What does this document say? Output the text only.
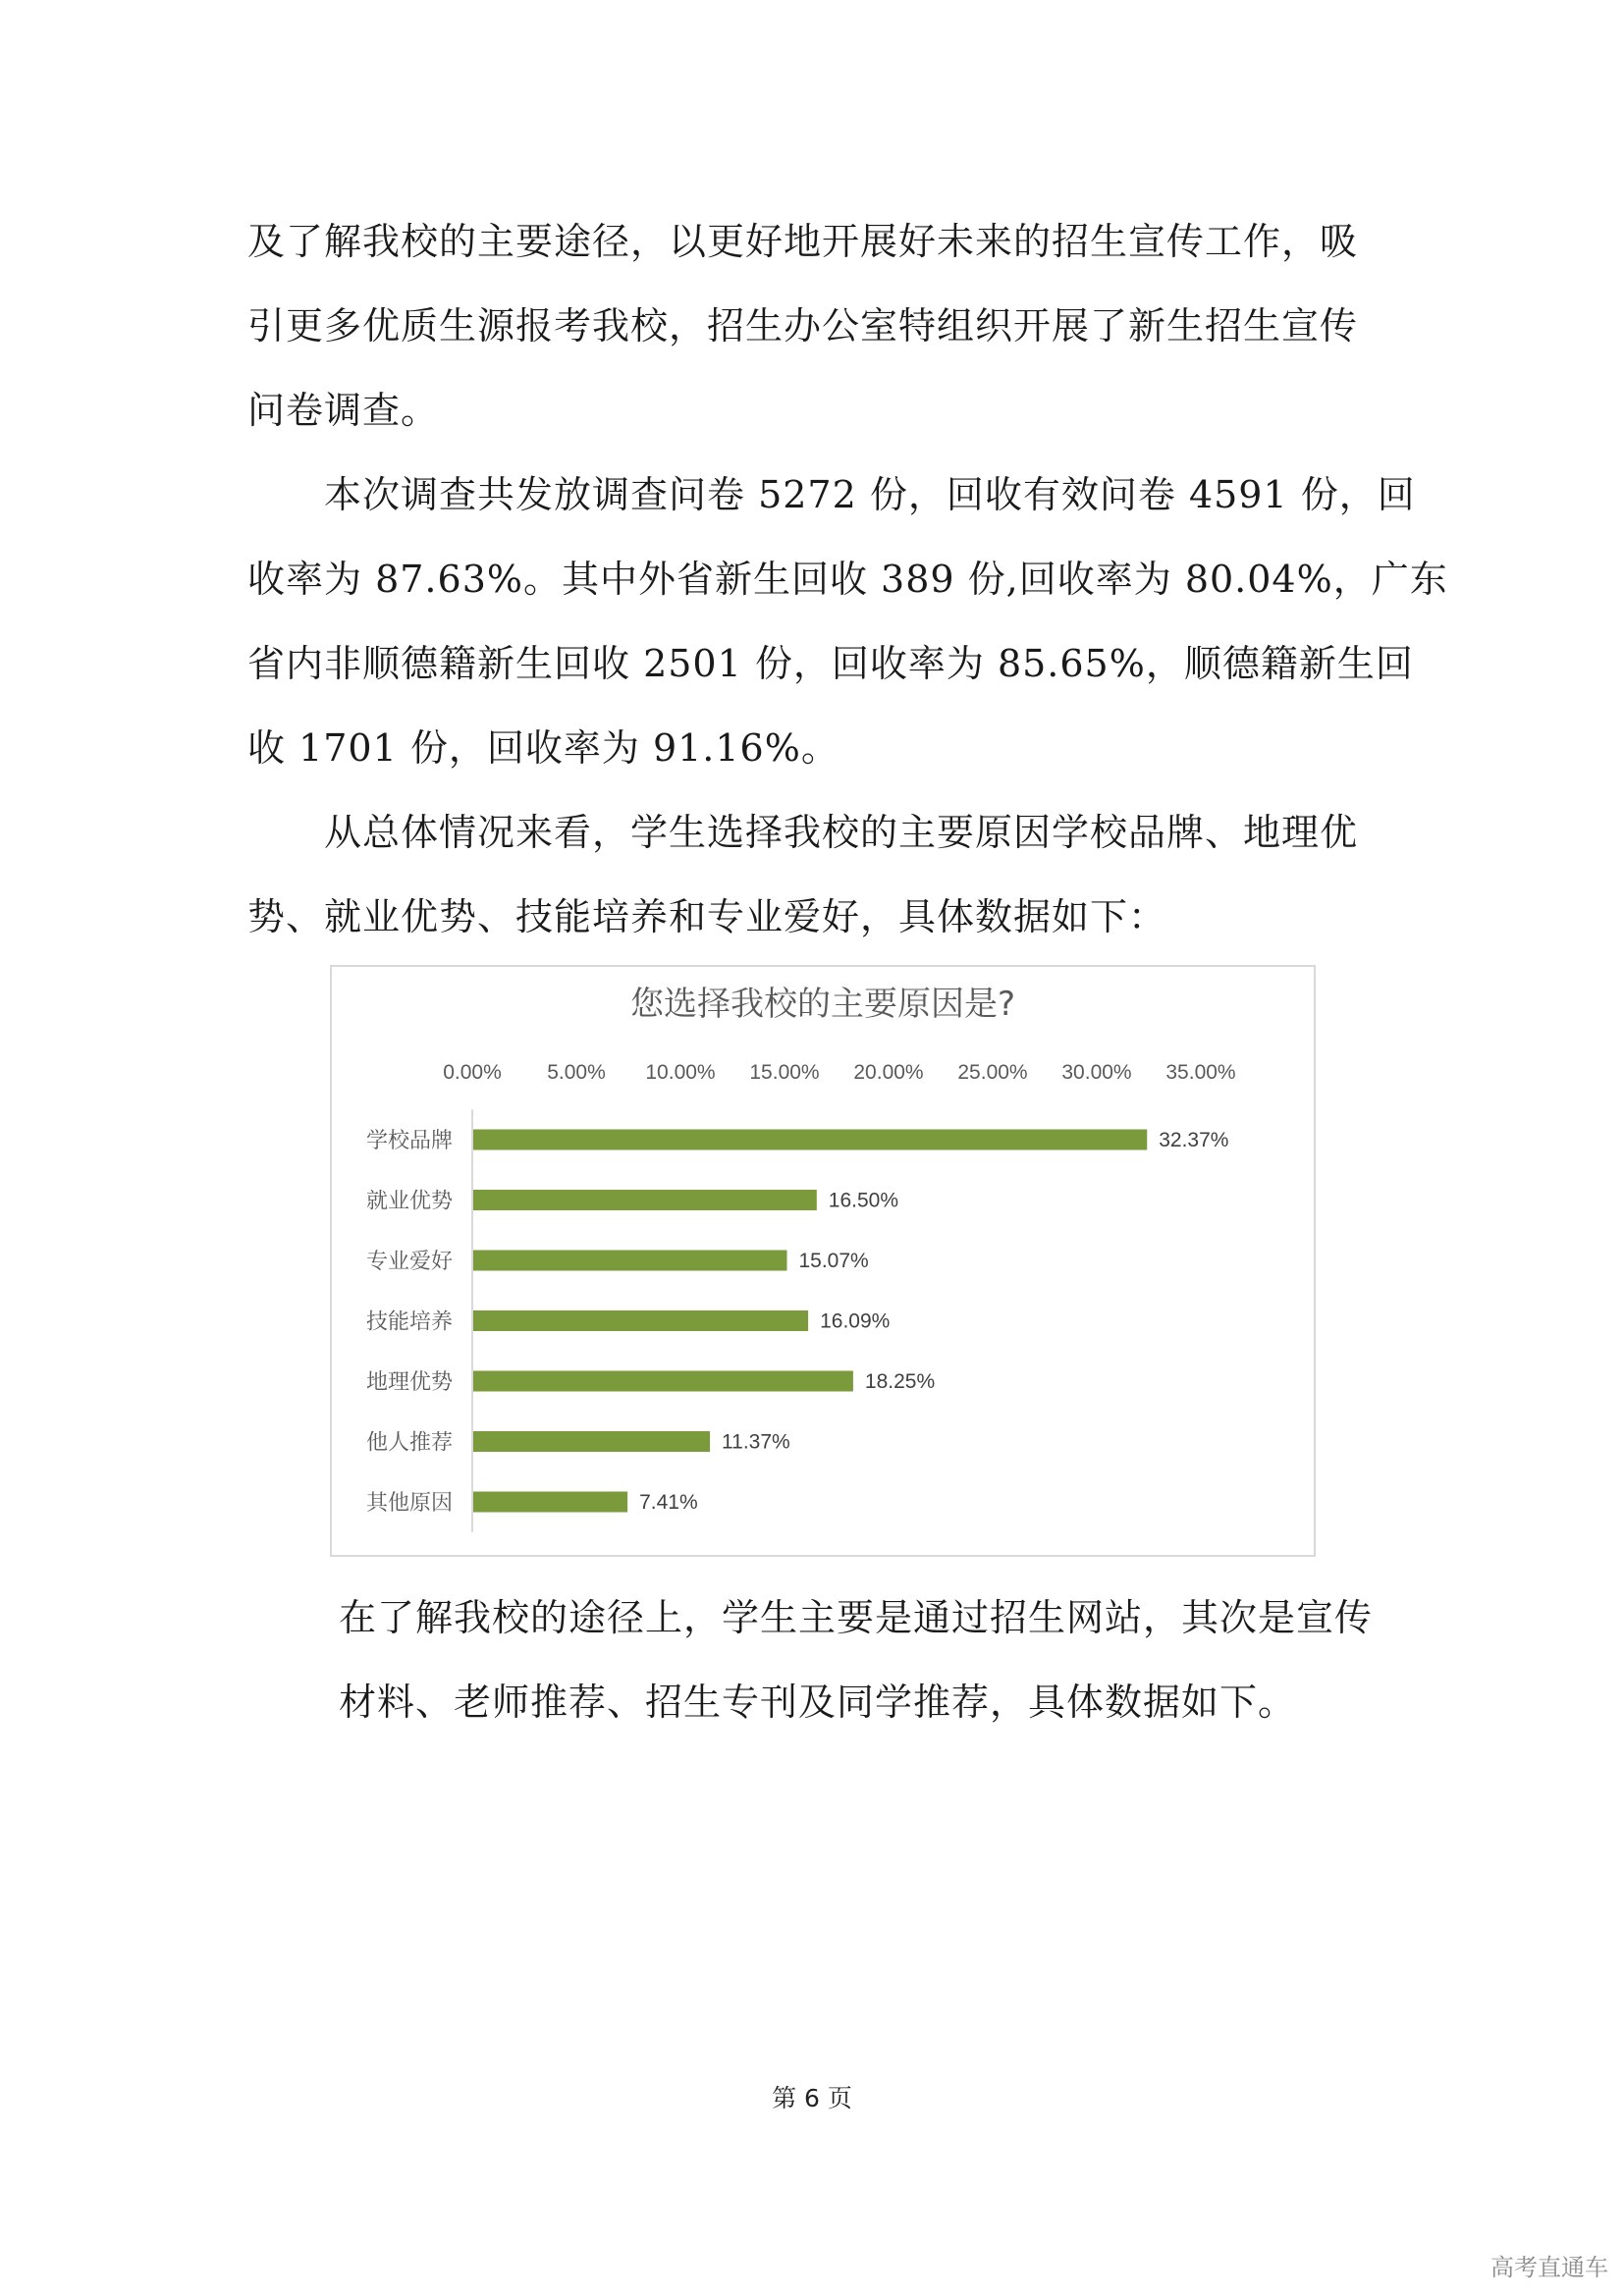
及了解我校的主要途径，以更好地开展好未来的招生宣传工作，吸
引更多优质生源报考我校，招生办公室特组织开展了新生招生宣传
问卷调查。
　　本次调查共发放调查问卷 5272 份，回收有效问卷 4591 份，回
收率为 87.63%。其中外省新生回收 389 份,回收率为 80.04%，广东
省内非顺德籍新生回收 2501 份，回收率为 85.65%，顺德籍新生回
收 1701 份，回收率为 91.16%。
　　从总体情况来看，学生选择我校的主要原因学校品牌、地理优
势、就业优势、技能培养和专业爱好，具体数据如下：
您选择我校的主要原因是?
0.00% 5.00% 10.00% 15.00% 20.00% 25.00% 30.00% 35.00%
学校品牌
就业优势
专业爱好
技能培养
地理优势
他人推荐
其他原因
32.37%
16.50%
15.07%
16.09%
18.25%
11.37%
7.41%
在了解我校的途径上，学生主要是通过招生网站，其次是宣传
材料、老师推荐、招生专刊及同学推荐，具体数据如下。
第 6 页
高考直通车
